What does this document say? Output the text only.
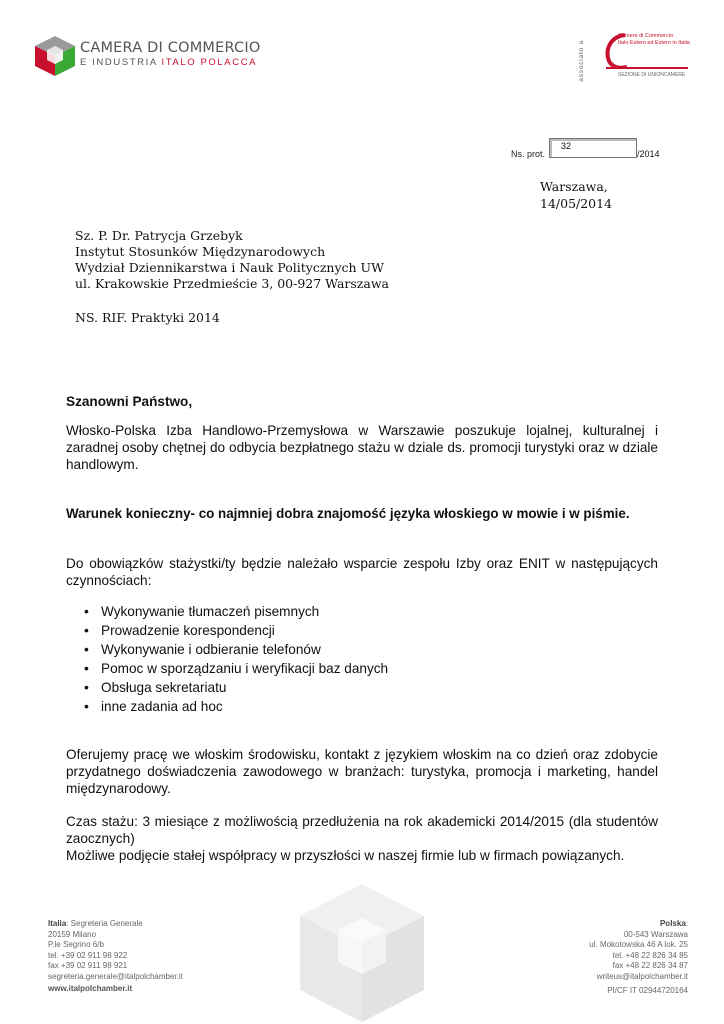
CAMERA DI COMMERCIO
E INDUSTRIA ITALO POLACCA	associato a
Camere di Commercio
Italo Estero ed Estero in Italia
SEZIONE DI UNIONCAMERE
Ns. prot.
32
/2014
Warszawa,
14/05/2014
Sz. P. Dr. Patrycja Grzebyk
Instytut Stosunków Międzynarodowych
Wydział Dziennikarstwa i Nauk Politycznych UW
ul. Krakowskie Przedmieście 3, 00-927 Warszawa
NS. RIF. Praktyki 2014
Szanowni Państwo,
Włosko-Polska Izba Handlowo-Przemysłowa w Warszawie poszukuje lojalnej, kulturalnej i zaradnej osoby chętnej do odbycia bezpłatnego stażu w dziale ds. promocji turystyki oraz w dziale handlowym.
Warunek konieczny- co najmniej dobra znajomość języka włoskiego w mowie i w piśmie.
Do obowiązków stażystki/ty będzie należało wsparcie zespołu Izby oraz ENIT w następujących czynnościach:
• Wykonywanie tłumaczeń pisemnych
• Prowadzenie korespondencji
• Wykonywanie i odbieranie telefonów
• Pomoc w sporządzaniu i weryfikacji baz danych
• Obsługa sekretariatu
• inne zadania ad hoc
Oferujemy pracę we włoskim środowisku, kontakt z językiem włoskim na co dzień oraz zdobycie przydatnego doświadczenia zawodowego w branżach: turystyka, promocja i marketing, handel międzynarodowy.
Czas stażu: 3 miesiące z możliwością przedłużenia na rok akademicki 2014/2015 (dla studentów zaocznych)
Możliwe podjęcie stałej współpracy w przyszłości w naszej firmie lub w firmach powiązanych.
Italia: Segreteria Generale
20159 Milano
P.le Segrino 6/b
tel. +39 02 911 98 922
fax +39 02 911 98 921
segreteria.generale@italpolchamber.it
www.italpolchamber.it
Polska:
00-543 Warszawa
ul. Mokotowska 46 A lok. 25
tel. +48 22 826 34 85
fax +48 22 826 34 87
writeus@italpolchamber.it
PI/CF IT 02944720164
